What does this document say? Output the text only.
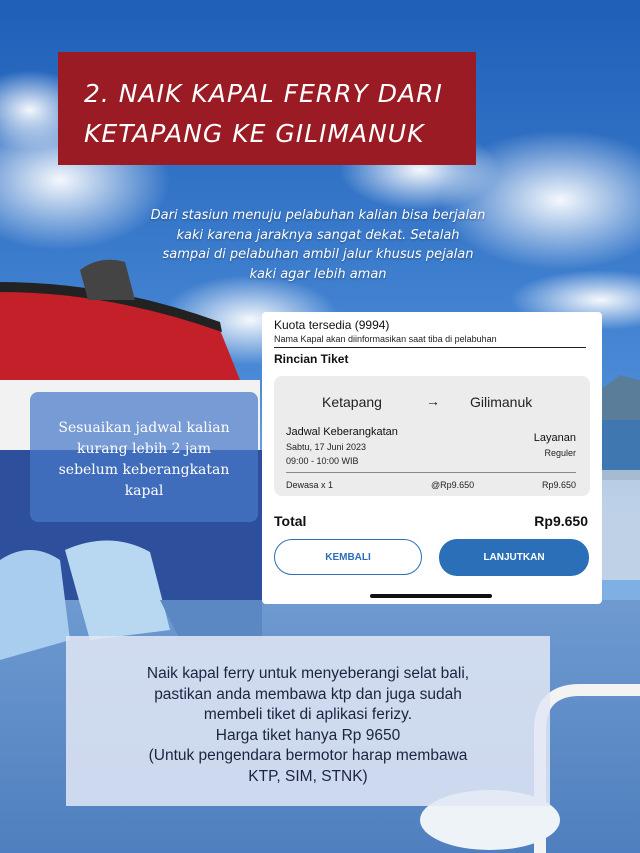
2. NAIK KAPAL FERRY DARI
KETAPANG KE GILIMANUK
Dari stasiun menuju pelabuhan kalian bisa berjalan
kaki karena jaraknya sangat dekat. Setalah
sampai di pelabuhan ambil jalur khusus pejalan
kaki agar lebih aman
Sesuaikan jadwal kalian
kurang lebih 2 jam
sebelum keberangkatan
kapal
Kuota tersedia (9994)
Nama Kapal akan diinformasikan saat tiba di pelabuhan
Rincian Tiket
Ketapang	→ Gilimanuk
Jadwal Keberangkatan
Sabtu, 17 Juni 2023
09:00 - 10:00 WIB
Layanan
Reguler
Dewasa x 1	@Rp9.650	Rp9.650
Total	Rp9.650
KEMBALI	LANJUTKAN
Naik kapal ferry untuk menyeberangi selat bali,
pastikan anda membawa ktp dan juga sudah
membeli tiket di aplikasi ferizy.
Harga tiket hanya Rp 9650
(Untuk pengendara bermotor harap membawa
KTP, SIM, STNK)
